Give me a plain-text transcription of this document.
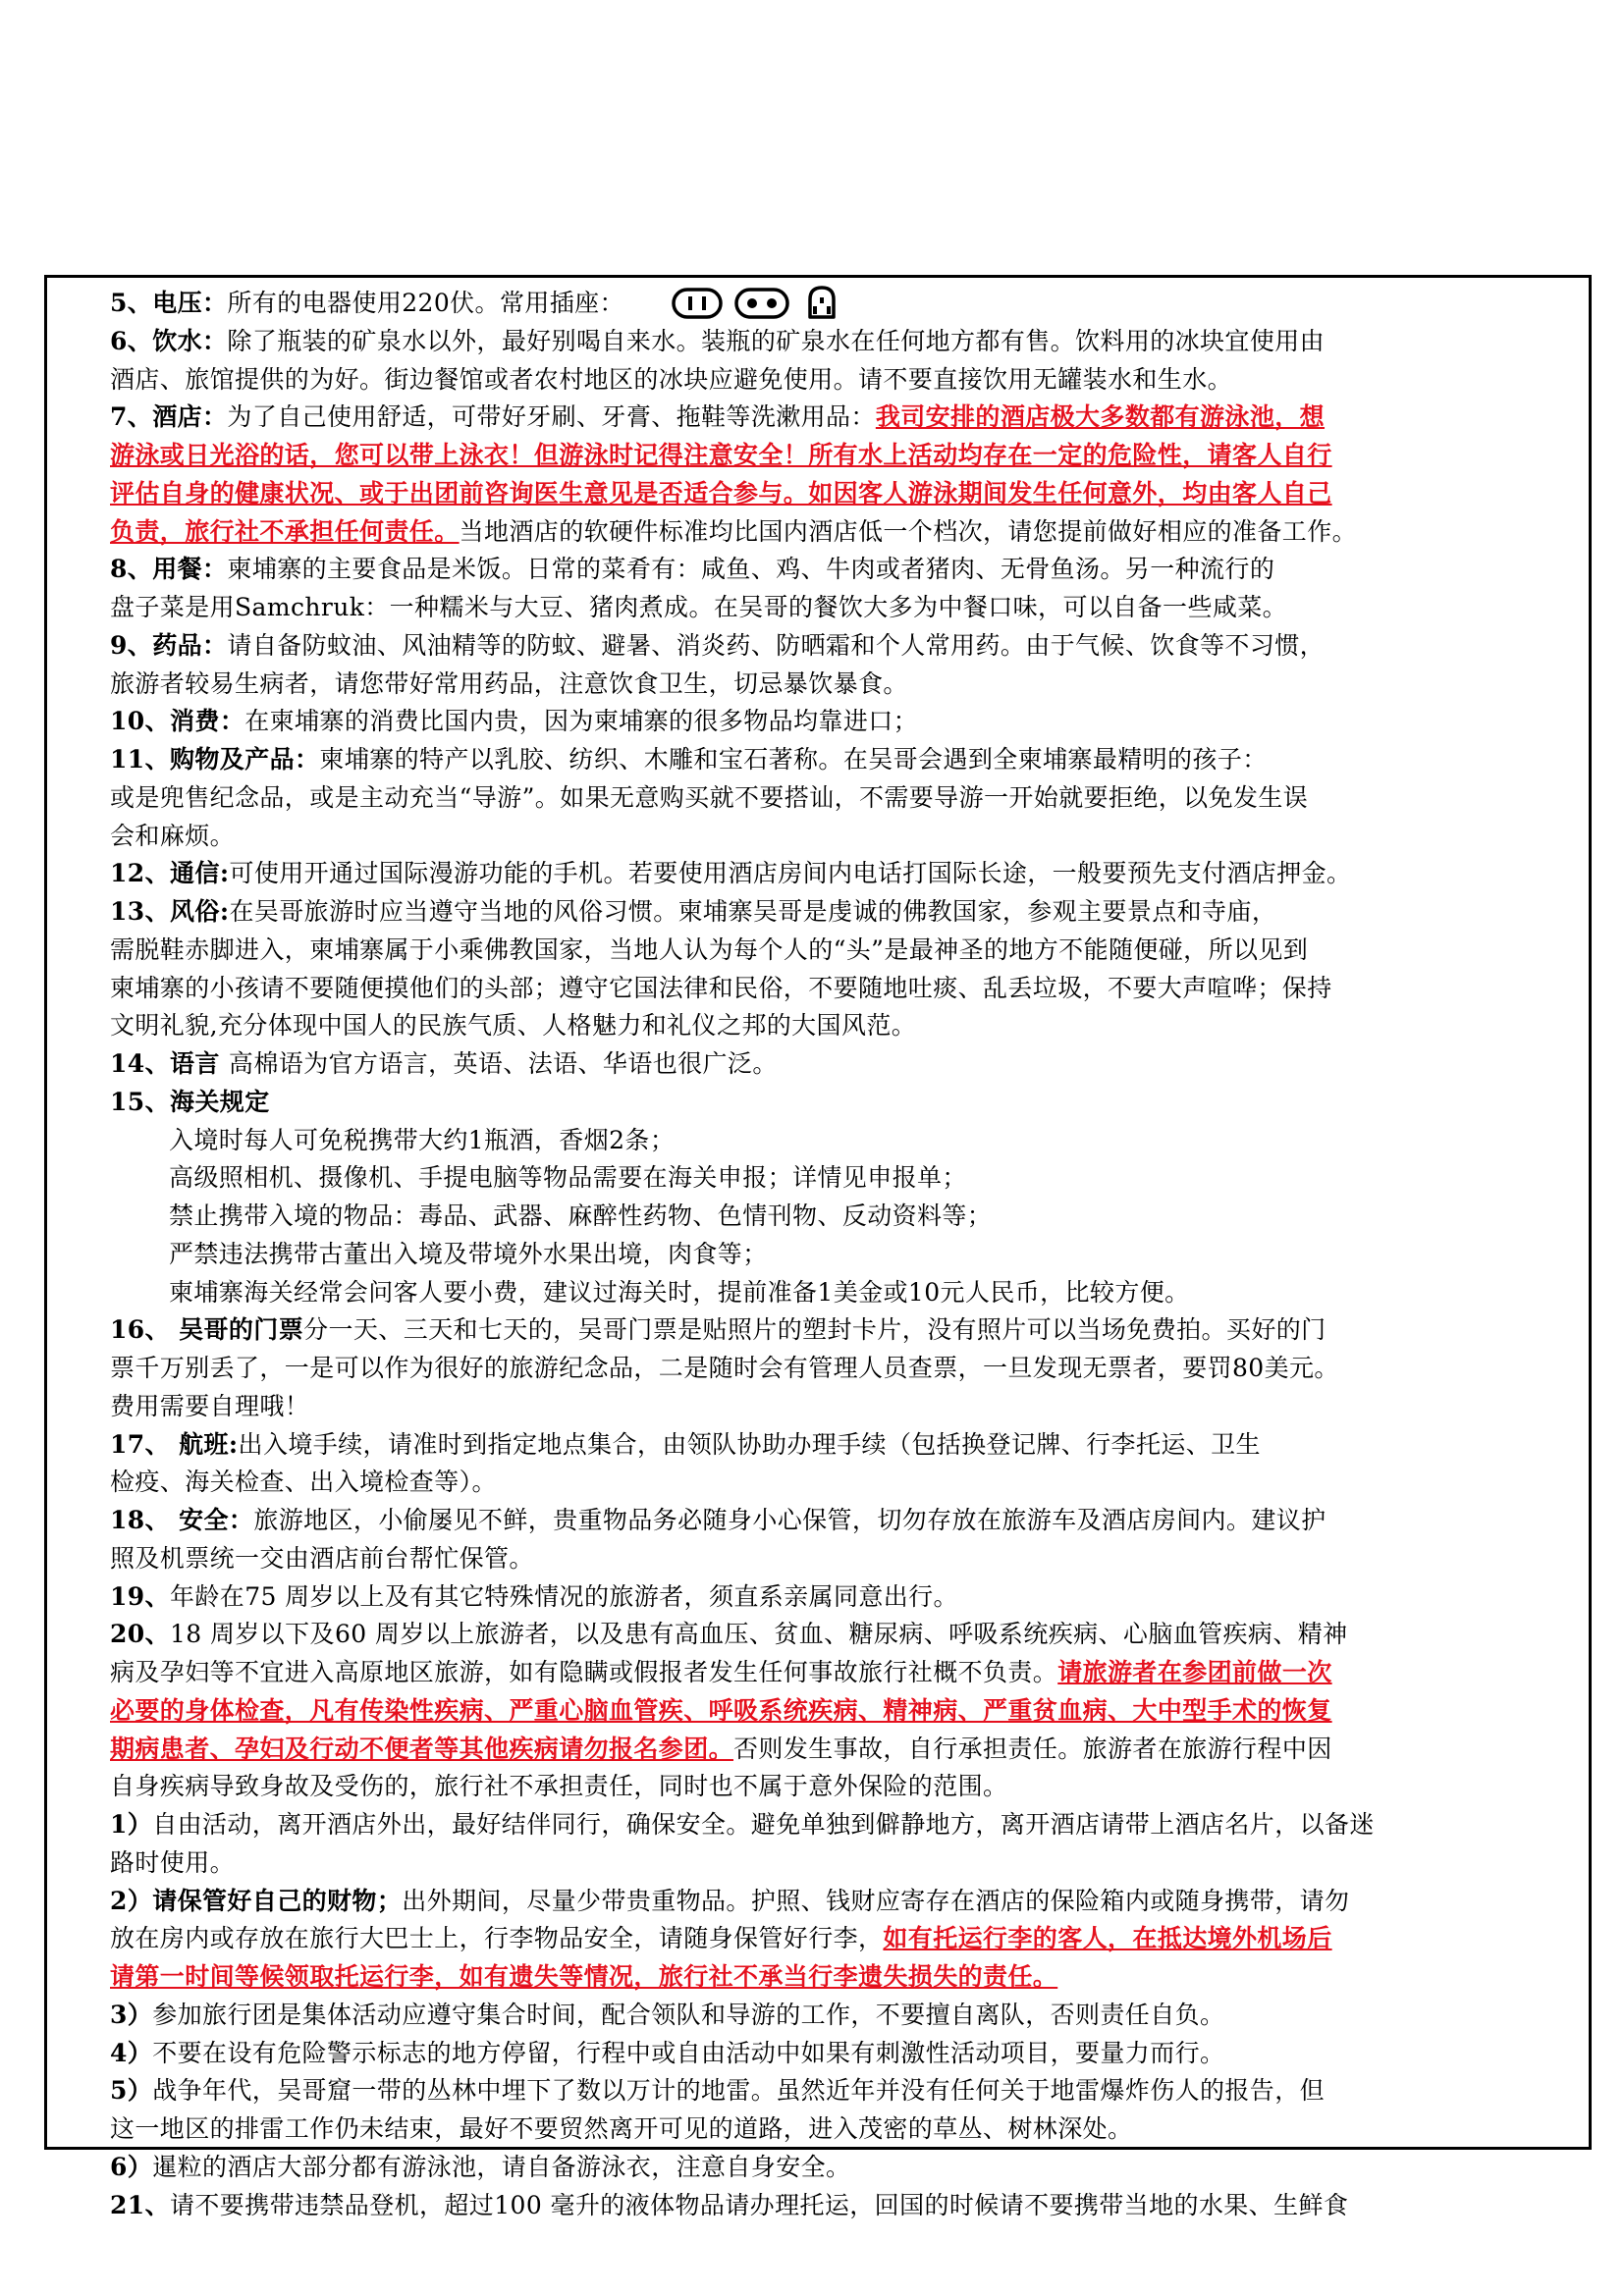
5、电压：所有的电器使用220伏。常用插座：
6、饮水：除了瓶装的矿泉水以外，最好别喝自来水。装瓶的矿泉水在任何地方都有售。饮料用的冰块宜使用由
酒店、旅馆提供的为好。街边餐馆或者农村地区的冰块应避免使用。请不要直接饮用无罐装水和生水。
7、酒店：为了自己使用舒适，可带好牙刷、牙膏、拖鞋等洗漱用品：我司安排的酒店极大多数都有游泳池，想
游泳或日光浴的话，您可以带上泳衣！但游泳时记得注意安全！所有水上活动均存在一定的危险性，请客人自行
评估自身的健康状况、或于出团前咨询医生意见是否适合参与。如因客人游泳期间发生任何意外，均由客人自己
负责，旅行社不承担任何责任。当地酒店的软硬件标准均比国内酒店低一个档次，请您提前做好相应的准备工作。
8、用餐：柬埔寨的主要食品是米饭。日常的菜肴有：咸鱼、鸡、牛肉或者猪肉、无骨鱼汤。另一种流行的
盘子菜是用Samchruk：一种糯米与大豆、猪肉煮成。在吴哥的餐饮大多为中餐口味，可以自备一些咸菜。
9、药品：请自备防蚊油、风油精等的防蚊、避暑、消炎药、防晒霜和个人常用药。由于气候、饮食等不习惯，
旅游者较易生病者，请您带好常用药品，注意饮食卫生，切忌暴饮暴食。
10、消费：在柬埔寨的消费比国内贵，因为柬埔寨的很多物品均靠进口；
11、购物及产品：柬埔寨的特产以乳胶、纺织、木雕和宝石著称。在吴哥会遇到全柬埔寨最精明的孩子：
或是兜售纪念品，或是主动充当“导游”。如果无意购买就不要搭讪，不需要导游一开始就要拒绝，以免发生误
会和麻烦。
12、通信:可使用开通过国际漫游功能的手机。若要使用酒店房间内电话打国际长途，一般要预先支付酒店押金。
13、风俗:在吴哥旅游时应当遵守当地的风俗习惯。柬埔寨吴哥是虔诚的佛教国家，参观主要景点和寺庙，
需脱鞋赤脚进入，柬埔寨属于小乘佛教国家，当地人认为每个人的“头”是最神圣的地方不能随便碰，所以见到
柬埔寨的小孩请不要随便摸他们的头部；遵守它国法律和民俗，不要随地吐痰、乱丢垃圾，不要大声喧哗；保持
文明礼貌,充分体现中国人的民族气质、人格魅力和礼仪之邦的大国风范。
14、语言 高棉语为官方语言，英语、法语、华语也很广泛。
15、海关规定
入境时每人可免税携带大约1瓶酒，香烟2条；
高级照相机、摄像机、手提电脑等物品需要在海关申报；详情见申报单；
禁止携带入境的物品：毒品、武器、麻醉性药物、色情刊物、反动资料等；
严禁违法携带古董出入境及带境外水果出境，肉食等；
柬埔寨海关经常会问客人要小费，建议过海关时，提前准备1美金或10元人民币，比较方便。
16、 吴哥的门票分一天、三天和七天的，吴哥门票是贴照片的塑封卡片，没有照片可以当场免费拍。买好的门
票千万别丢了，一是可以作为很好的旅游纪念品，二是随时会有管理人员查票，一旦发现无票者，要罚80美元。
费用需要自理哦！
17、 航班:出入境手续，请准时到指定地点集合，由领队协助办理手续（包括换登记牌、行李托运、卫生
检疫、海关检查、出入境检查等）。
18、 安全：旅游地区，小偷屡见不鲜，贵重物品务必随身小心保管，切勿存放在旅游车及酒店房间内。建议护
照及机票统一交由酒店前台帮忙保管。
19、年龄在75 周岁以上及有其它特殊情况的旅游者，须直系亲属同意出行。
20、18 周岁以下及60 周岁以上旅游者，以及患有高血压、贫血、糖尿病、呼吸系统疾病、心脑血管疾病、精神
病及孕妇等不宜进入高原地区旅游，如有隐瞒或假报者发生任何事故旅行社概不负责。请旅游者在参团前做一次
必要的身体检查，凡有传染性疾病、严重心脑血管疾、呼吸系统疾病、精神病、严重贫血病、大中型手术的恢复
期病患者、孕妇及行动不便者等其他疾病请勿报名参团。否则发生事故，自行承担责任。旅游者在旅游行程中因
自身疾病导致身故及受伤的，旅行社不承担责任，同时也不属于意外保险的范围。
1）自由活动，离开酒店外出，最好结伴同行，确保安全。避免单独到僻静地方，离开酒店请带上酒店名片，以备迷
路时使用。
2）请保管好自己的财物；出外期间，尽量少带贵重物品。护照、钱财应寄存在酒店的保险箱内或随身携带，请勿
放在房内或存放在旅行大巴士上，行李物品安全，请随身保管好行李，如有托运行李的客人，在抵达境外机场后
请第一时间等候领取托运行李，如有遗失等情况，旅行社不承当行李遗失损失的责任。
3）参加旅行团是集体活动应遵守集合时间，配合领队和导游的工作，不要擅自离队，否则责任自负。
4）不要在设有危险警示标志的地方停留，行程中或自由活动中如果有刺激性活动项目，要量力而行。
5）战争年代，吴哥窟一带的丛林中埋下了数以万计的地雷。虽然近年并没有任何关于地雷爆炸伤人的报告，但
这一地区的排雷工作仍未结束，最好不要贸然离开可见的道路，进入茂密的草丛、树林深处。
6）暹粒的酒店大部分都有游泳池，请自备游泳衣，注意自身安全。
21、请不要携带违禁品登机，超过100 毫升的液体物品请办理托运，回国的时候请不要携带当地的水果、生鲜食
